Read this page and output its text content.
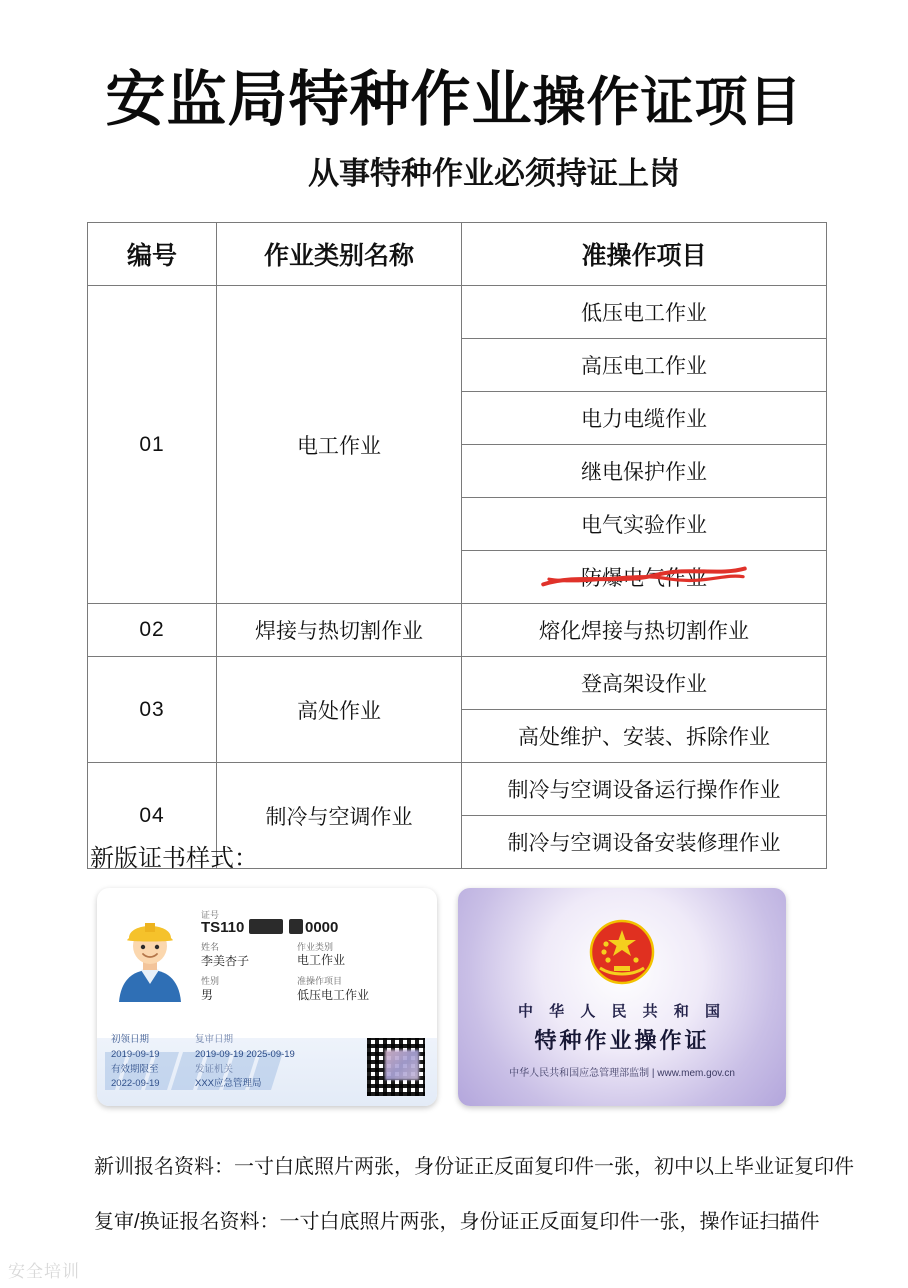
安监局特种作业操作证项目
从事特种作业必须持证上岗
编号	作业类别名称	准操作项目
01	电工作业	低压电工作业
		高压电工作业
		电力电缆作业
		继电保护作业
		电气实验作业
		防爆电气作业

02	焊接与热切割作业	熔化焊接与热切割作业
03	高处作业	登高架设作业
		高处维护、安装、拆除作业
04	制冷与空调作业	制冷与空调设备运行操作作业
		制冷与空调设备安装修理作业
新版证书样式：
证号
TS110	0000
作业类别
电工作业
姓名
李美杏子
性别
男
准操作项目
低压电工作业
初领日期
2019-09-19
有效期限至
2022-09-19
复审日期
2019-09-19 2025-09-19
发证机关
XXX应急管理局
中 华 人 民 共 和 国
特种作业操作证
中华人民共和国应急管理部监制 | www.mem.gov.cn
新训报名资料：一寸白底照片两张，身份证正反面复印件一张，初中以上毕业证复印件
复审/换证报名资料：一寸白底照片两张，身份证正反面复印件一张，操作证扫描件
安全培训
